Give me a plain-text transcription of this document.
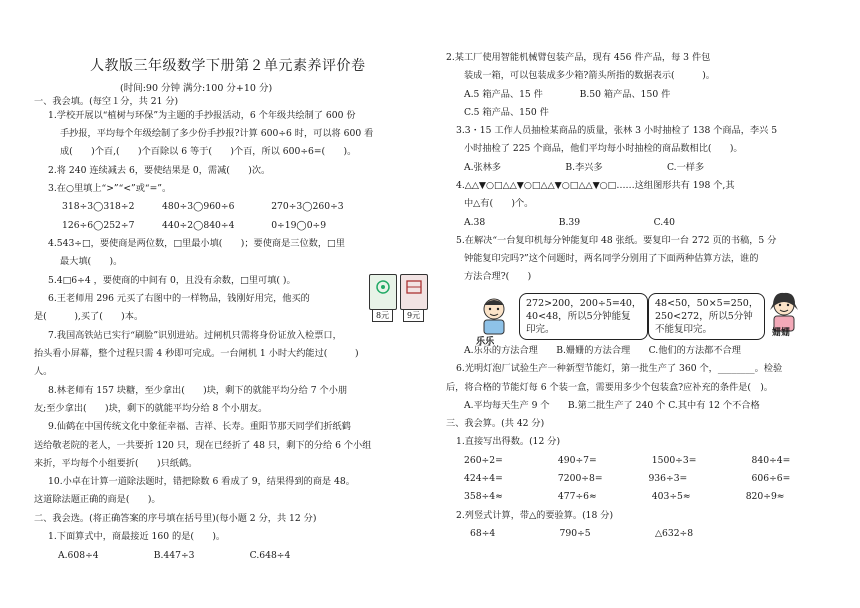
人教版三年级数学下册第２单元素养评价卷
(时间:90 分钟 满分:100 分+10 分)
一、我会填。(每空１分，共 21 分)
1.学校开展以“植树与环保”为主题的手抄报活动，6 个年级共绘制了 600 份
手抄报，平均每个年级绘制了多少份手抄报?计算 600÷6 时，可以将 600 看
成(　　)个百,(　　)个百除以 6 等于(　　)个百，所以 600÷6=(　　)。
2.将 240 连续减去 6，要使结果是 0，需减(　　)次。
3.在○里填上“>”“<”或“=”。
318÷3◯318÷2　　　480÷3◯960÷6　　　　270÷3◯260÷3
126÷6◯252÷7　　　440÷2◯840÷4　　　　0÷19◯0÷9
4.543÷□，要使商是两位数，□里最小填(　　)；要使商是三位数，□里
最大填(　　)。
5.4□6÷4 ，要使商的中间有 0，且没有余数，□里可填( )。
6.王老师用 296 元买了右图中的一样物品，钱刚好用完，他买的
是(　　　),买了(　　)本。	8元	9元
7.我国高铁站已实行“刷脸”识别进站。过闸机只需将身份证放入检票口，
抬头看小屏幕，整个过程只需 4 秒即可完成。一台闸机 1 小时大约能过(　　　)
人。
8.林老师有 157 块糖，至少拿出(　　)块，剩下的就能平均分给 7 个小朋
友;至少拿出(　　)块，剩下的就能平均分给 8 个小朋友。
9.仙鹤在中国传统文化中象征幸福、吉祥、长寿。重阳节那天同学们折纸鹤
送给敬老院的老人，一共要折 120 只，现在已经折了 48 只，剩下的分给 6 个小组
来折，平均每个小组要折(　　)只纸鹤。
10.小卓在计算一道除法题时，错把除数 6 看成了 9，结果得到的商是 48。
这道除法题正确的商是(　　)。
二、我会选。(将正确答案的序号填在括号里)(每小题 2 分，共 12 分)
1.下面算式中，商最接近 160 的是(　　)。
A.608÷4　　　　　　B.447÷3　　　　　　C.648÷4
2.某工厂使用智能机械臂包装产品，现有 456 件产品，每 3 件包
装成一箱，可以包装成多少箱?箭头所指的数据表示(　　　)。
A.5 箱产品、15 件　　　　B.50 箱产品、150 件
C.5 箱产品、150 件
3.3・15 工作人员抽检某商品的质量，张林 3 小时抽检了 138 个商品，李兴 5
小时抽检了 225 个商品，他们平均每小时抽检的商品数相比(　　)。
A.张林多　　　　　　　B.李兴多　　　　　　　C.一样多
4.△△▼○□△△▼○□△△▼○□△△▼○□……这组图形共有 198 个,其
中△有(　　)个。
A.38　　　　　　　　B.39　　　　　　　　C.40
5.在解决“一台复印机每分钟能复印 48 张纸。要复印一台 272 页的书稿，5 分
钟能复印完吗?”这个问题时，两名同学分别用了下面两种估算方法，谁的
方法合理?(　　)
乐乐
272>200，200÷5=40，
40<48，所以5分钟能复
印完。
48<50，50×5=250，
250<272，所以5分钟
不能复印完。	姗姗
A.乐乐的方法合理　　B.姗姗的方法合理　　C.他们的方法都不合理
6.光明灯泡厂试验生产一种新型节能灯，第一批生产了 360 个，________。检验
后，将合格的节能灯每 6 个装一盒，需要用多少个包装盒?应补充的条件是(　)。
A.平均每天生产 9 个　　B.第二批生产了 240 个 C.其中有 12 个不合格
三、我会算。(共 42 分)
1.直接写出得数。(12 分)
260÷2=　　　　　　490÷7=　　　　　　1500÷3=　　　　　　840÷4=
424÷4=　　　　　　7200÷8=　　　　　936÷3=　　　　　　　606÷6=
358÷4≈　　　　　　477÷6≈　　　　　　403÷5≈　　　　　　820÷9≈
2.列竖式计算，带△的要验算。(18 分)
68÷4　　　　　　　790÷5　　　　　　　△632÷8
